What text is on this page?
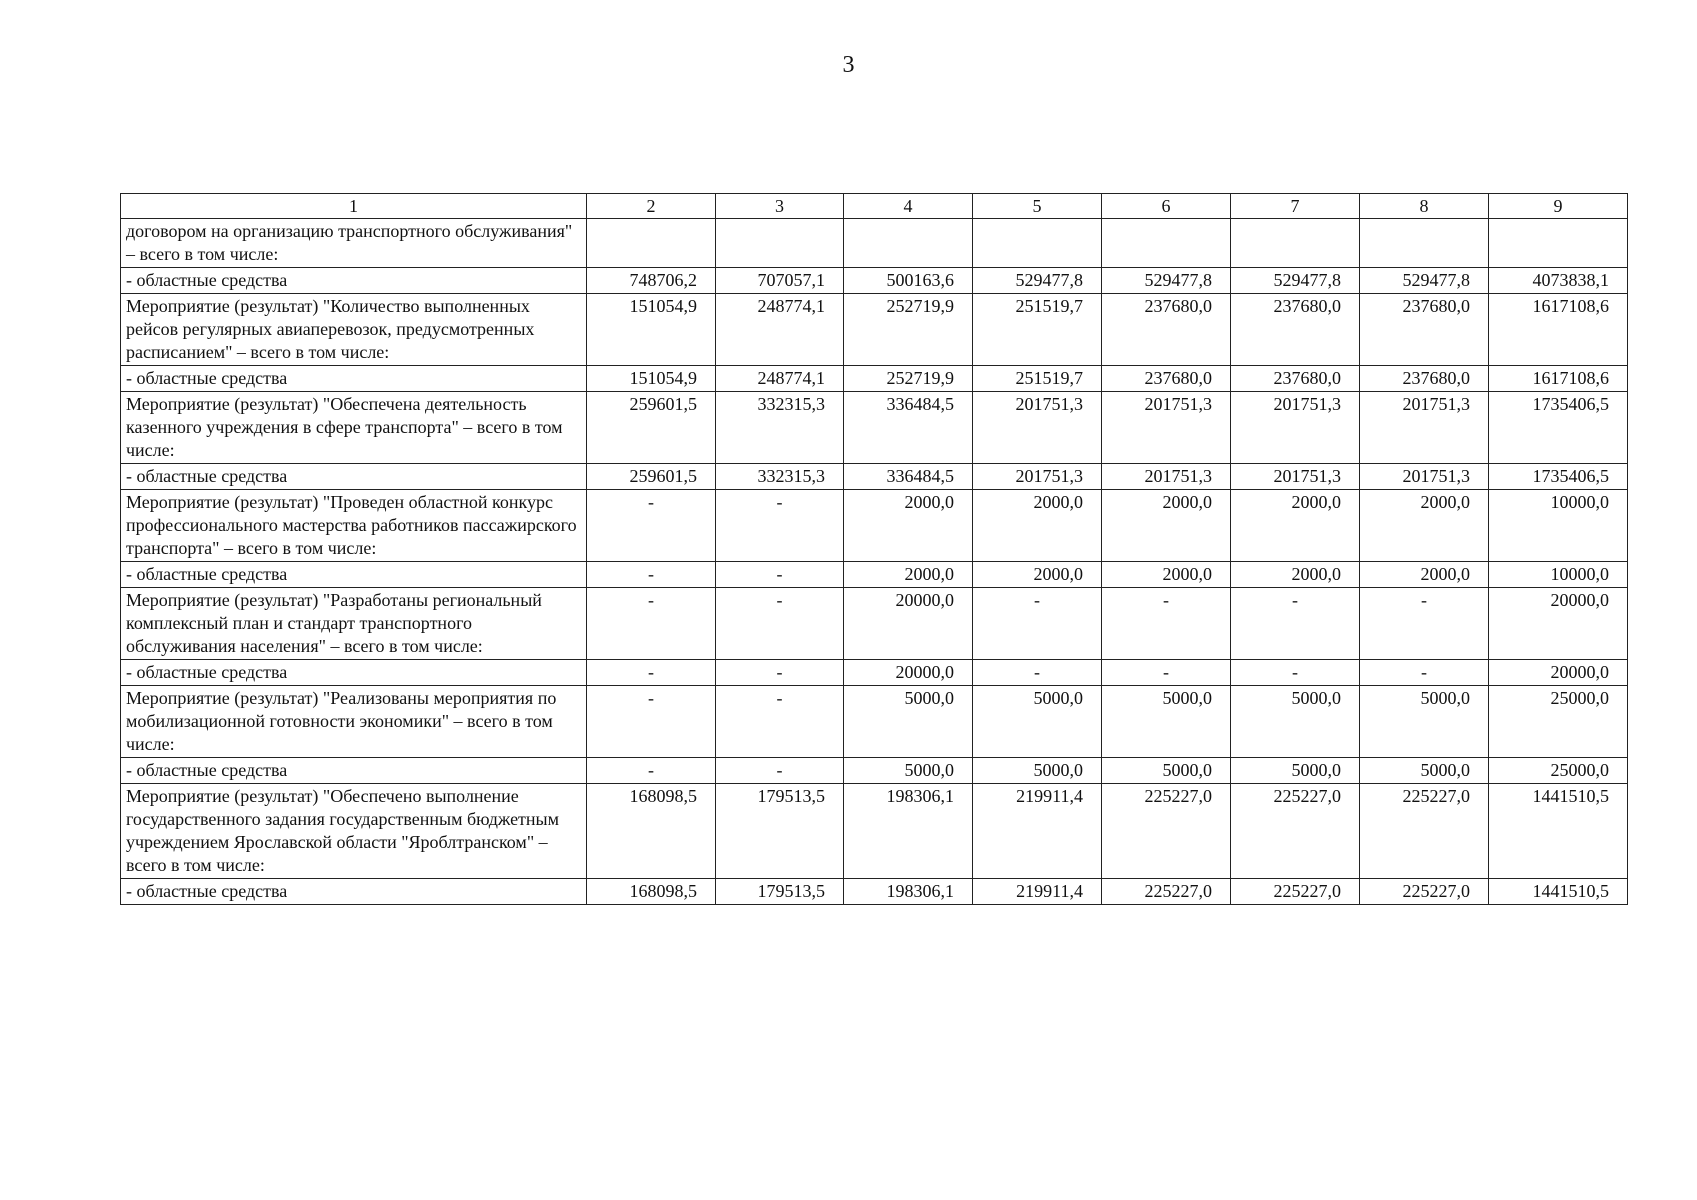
3
1	2	3	4	5	6	7	8	9
договором на организацию транспортного обслуживания" – всего в том числе:								
- областные средства	748706,2	707057,1	500163,6	529477,8	529477,8	529477,8	529477,8	4073838,1
Мероприятие (результат) "Количество выполненных рейсов регулярных авиаперевозок, предусмотренных расписанием" – всего в том числе:	151054,9	248774,1	252719,9	251519,7	237680,0	237680,0	237680,0	1617108,6
- областные средства	151054,9	248774,1	252719,9	251519,7	237680,0	237680,0	237680,0	1617108,6
Мероприятие (результат) "Обеспечена деятельность казенного учреждения в сфере транспорта" – всего в том числе:	259601,5	332315,3	336484,5	201751,3	201751,3	201751,3	201751,3	1735406,5
- областные средства	259601,5	332315,3	336484,5	201751,3	201751,3	201751,3	201751,3	1735406,5
Мероприятие (результат) "Проведен областной конкурс профессионального мастерства работников пассажирского транспорта" – всего в том числе:	-	-	2000,0	2000,0	2000,0	2000,0	2000,0	10000,0
- областные средства	-	-	2000,0	2000,0	2000,0	2000,0	2000,0	10000,0
Мероприятие (результат) "Разработаны региональный комплексный план и стандарт транспортного обслуживания населения" – всего в том числе:	-	-	20000,0	-	-	-	-	20000,0
- областные средства	-	-	20000,0	-	-	-	-	20000,0
Мероприятие (результат) "Реализованы мероприятия по мобилизационной готовности экономики" – всего в том числе:	-	-	5000,0	5000,0	5000,0	5000,0	5000,0	25000,0
- областные средства	-	-	5000,0	5000,0	5000,0	5000,0	5000,0	25000,0
Мероприятие (результат) "Обеспечено выполнение государственного задания государственным бюджетным учреждением Ярославской области "Яроблтранском" – всего в том числе:	168098,5	179513,5	198306,1	219911,4	225227,0	225227,0	225227,0	1441510,5
- областные средства	168098,5	179513,5	198306,1	219911,4	225227,0	225227,0	225227,0	1441510,5
